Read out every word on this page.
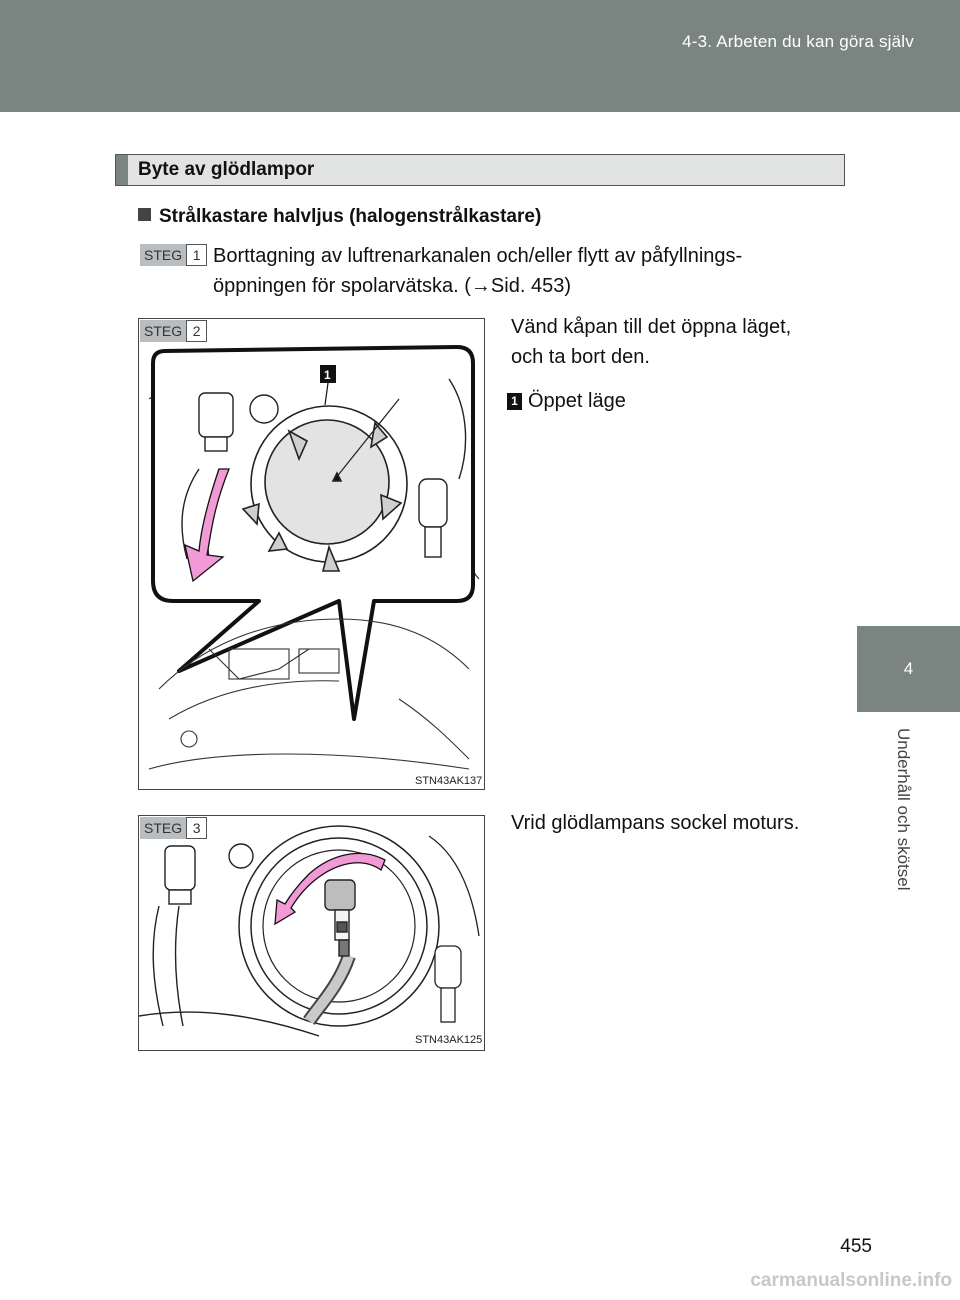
4-3. Arbeten du kan göra själv
4
Underhåll och skötsel
Byte av glödlampor
Strålkastare halvljus (halogenstrålkastare)
STEG 1 Borttagning av luftrenarkanalen och/eller flytt av påfyllnings-
öppningen för spolarvätska. (→Sid. 453)
1
STN43AK137
STEG 2	Vänd kåpan till det öppna läget,
och ta bort den.
1 Öppet läge
STN43AK125
STEG 3	Vrid glödlampans sockel moturs.
455
carmanualsonline.info
